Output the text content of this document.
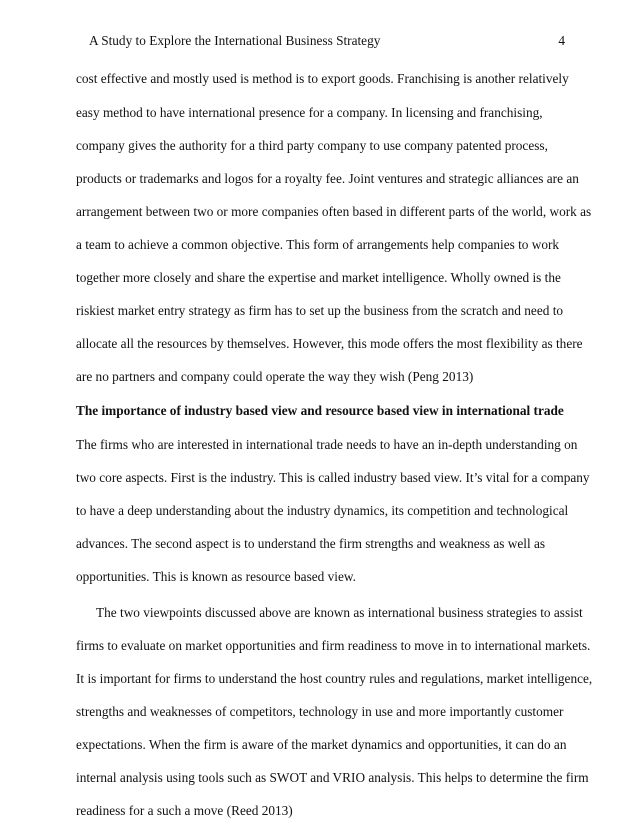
A Study to Explore the International Business Strategy	4
cost effective and mostly used is method is to export goods. Franchising is another relatively
easy method to have international presence for a company. In licensing and franchising,
company gives the authority for a third party company to use company patented process,
products or trademarks and logos for a royalty fee. Joint ventures and strategic alliances are an
arrangement between two or more companies often based in different parts of the world, work as
a team to achieve a common objective. This form of arrangements help companies to work
together more closely and share the expertise and market intelligence. Wholly owned is the
riskiest market entry strategy as firm has to set up the business from the scratch and need to
allocate all the resources by themselves. However, this mode offers the most flexibility as there
are no partners and company could operate the way they wish (Peng 2013)
The importance of industry based view and resource based view in international trade
The firms who are interested in international trade needs to have an in-depth understanding on
two core aspects. First is the industry. This is called industry based view. It’s vital for a company
to have a deep understanding about the industry dynamics, its competition and technological
advances. The second aspect is to understand the firm strengths and weakness as well as
opportunities. This is known as resource based view.
The two viewpoints discussed above are known as international business strategies to assist
firms to evaluate on market opportunities and firm readiness to move in to international markets.
It is important for firms to understand the host country rules and regulations, market intelligence,
strengths and weaknesses of competitors, technology in use and more importantly customer
expectations. When the firm is aware of the market dynamics and opportunities, it can do an
internal analysis using tools such as SWOT and VRIO analysis. This helps to determine the firm
readiness for a such a move (Reed 2013)
